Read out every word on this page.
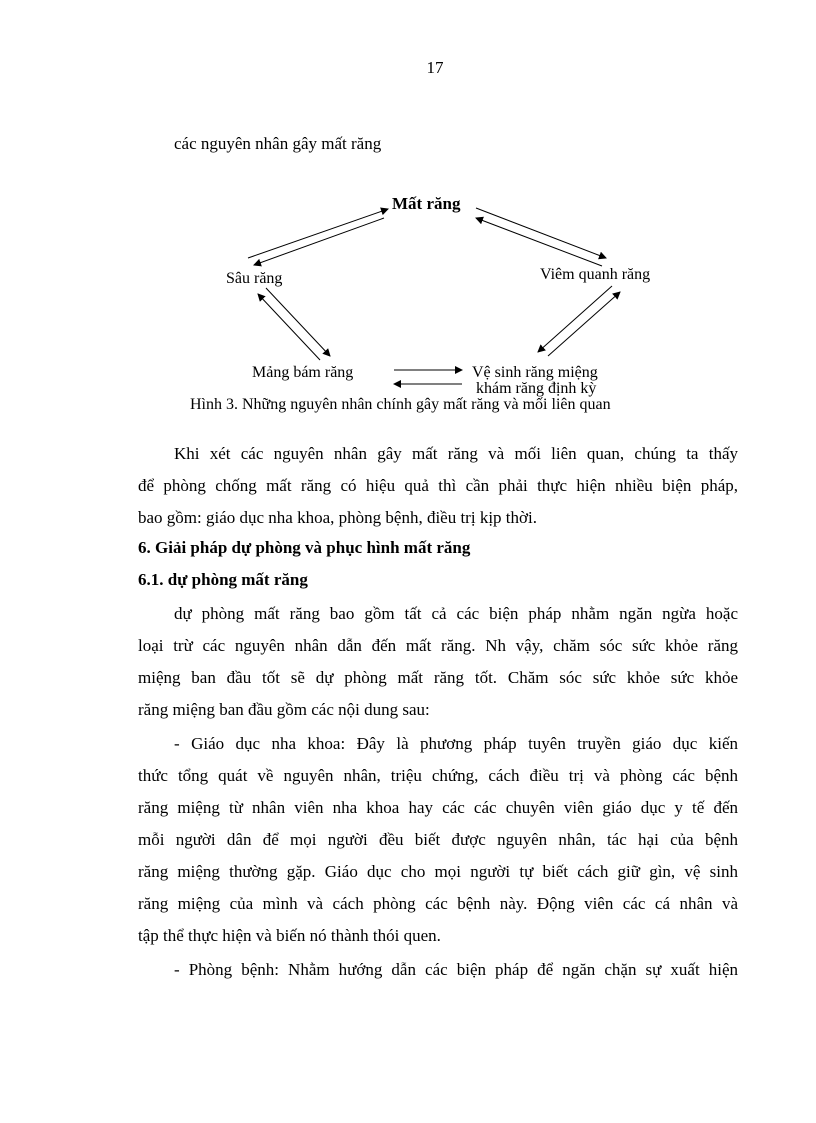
17
các nguyên nhân gây mất răng
Mất răng
Sâu răng	Viêm quanh răng
Mảng bám răng	Vệ sinh răng miệng
khám răng định kỳ
Hình 3. Những nguyên nhân chính gây mất răng và mối liên quan
Khi xét các nguyên nhân gây mất răng và mối liên quan, chúng ta thấy
để phòng chống mất răng có hiệu quả thì cần phải thực hiện nhiều biện pháp,
bao gồm: giáo dục nha khoa, phòng bệnh, điều trị kịp thời.
6. Giải pháp dự phòng và phục hình mất răng
6.1. dự phòng mất răng
dự phòng mất răng bao gồm tất cả các biện pháp nhằm ngăn ngừa hoặc
loại trừ các nguyên nhân dẫn đến mất răng. Nh vậy, chăm sóc sức khỏe răng
miệng ban đầu tốt sẽ dự phòng mất răng tốt. Chăm sóc sức khỏe sức khỏe
răng miệng ban đầu gồm các nội dung sau:
- Giáo dục nha khoa: Đây là phương pháp tuyên truyền giáo dục kiến
thức tổng quát về nguyên nhân, triệu chứng, cách điều trị và phòng các bệnh
răng miệng từ nhân viên nha khoa hay các các chuyên viên giáo dục y tế đến
mỗi người dân để mọi người đều biết được nguyên nhân, tác hại của bệnh
răng miệng thường gặp. Giáo dục cho mọi người tự biết cách giữ gìn, vệ sinh
răng miệng của mình và cách phòng các bệnh này. Động viên các cá nhân và
tập thể thực hiện và biến nó thành thói quen.
- Phòng bệnh: Nhằm hướng dẫn các biện pháp để ngăn chặn sự xuất hiện
